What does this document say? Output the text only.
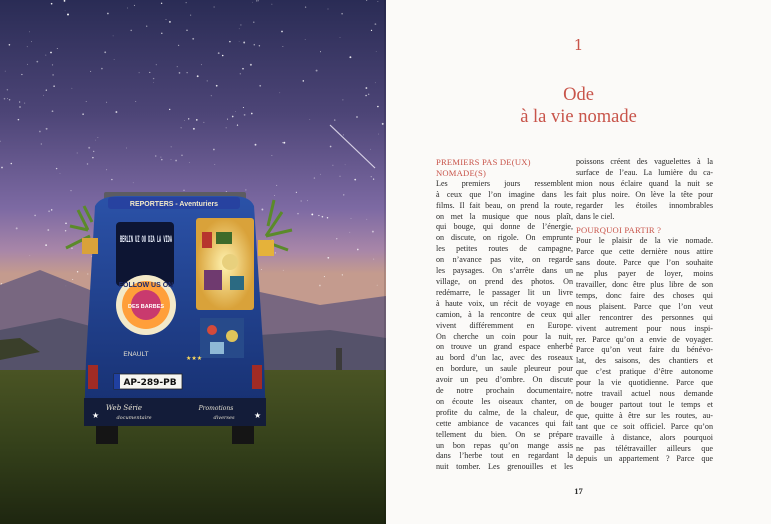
REPORTERS - Aventuriers
BERLIN UZ OU DZA LA VIDA
FOLLOW US ON
DES BARBES
ENAULT
AP-289-PB
Web Série
documentaire
Promotions
diverses
★	★
★★★
1
Ode
à la vie nomade
PREMIERS PAS DE(UX)
NOMADE(S)
Les premiers jours ressemblent
à ceux que l’on imagine dans les
films. Il fait beau, on prend la route,
on met la musique que nous plaît,
qui bouge, qui donne de l’énergie,
on discute, on rigole. On emprunte
les petites routes de campagne,
on n’avance pas vite, on regarde
les paysages. On s’arrête dans un
village, on prend des photos. On
redémarre, le passager lit un livre
à haute voix, un récit de voyage en
camion, à la rencontre de ceux qui
vivent différemment en Europe.
On cherche un coin pour la nuit,
on trouve un grand espace enherbé
au bord d’un lac, avec des roseaux
en bordure, un saule pleureur pour
avoir un peu d’ombre. On discute
de notre prochain documentaire,
on écoute les oiseaux chanter, on
profite du calme, de la chaleur, de
cette ambiance de vacances qui fait
tellement du bien. On se prépare
un bon repas qu’on mange assis
dans l’herbe tout en regardant la
nuit tomber. Les grenouilles et les
poissons créent des vaguelettes à la
surface de l’eau. La lumière du ca-
mion nous éclaire quand la nuit se
fait plus noire. On lève la tête pour
regarder les étoiles innombrables
dans le ciel.
POURQUOI PARTIR ?
Pour le plaisir de la vie nomade.
Parce que cette dernière nous attire
sans doute. Parce que l’on souhaite
ne plus payer de loyer, moins
travailler, donc être plus libre de son
temps, donc faire des choses qui
nous plaisent. Parce que l’on veut
aller rencontrer des personnes qui
vivent autrement pour nous inspi-
rer. Parce qu’on a envie de voyager.
Parce qu’on veut faire du bénévo-
lat, des saisons, des chantiers et
que c’est pratique d’être autonome
pour la vie quotidienne. Parce que
notre travail actuel nous demande
de bouger partout tout le temps et
que, quitte à être sur les routes, au-
tant que ce soit officiel. Parce qu’on
travaille à distance, alors pourquoi
ne pas télétravailler ailleurs que
depuis un appartement ? Parce que
17
